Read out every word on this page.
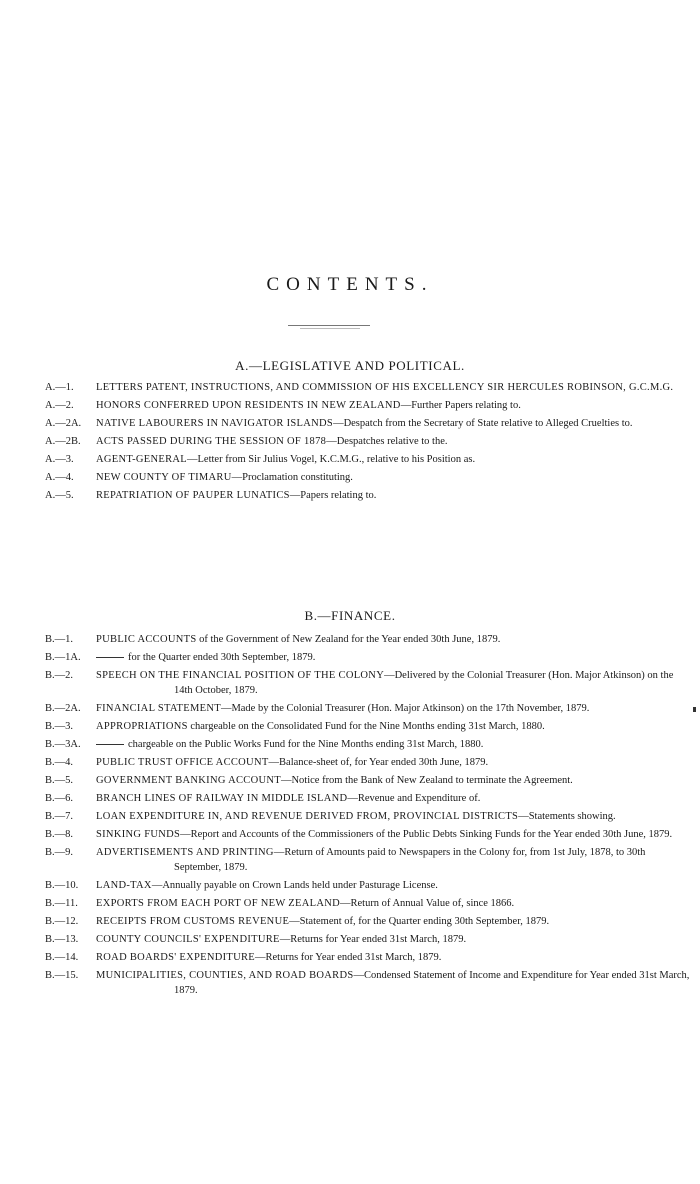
CONTENTS.
A.—LEGISLATIVE AND POLITICAL.
A.—1. LETTERS PATENT, INSTRUCTIONS, AND COMMISSION OF HIS EXCELLENCY SIR HERCULES ROBINSON, G.C.M.G.
A.—2. HONORS CONFERRED UPON RESIDENTS IN NEW ZEALAND—Further Papers relating to.
A.—2A. NATIVE LABOURERS IN NAVIGATOR ISLANDS—Despatch from the Secretary of State relative to Alleged Cruelties to.
A.—2B. ACTS PASSED DURING THE SESSION OF 1878—Despatches relative to the.
A.—3. AGENT-GENERAL—Letter from Sir Julius Vogel, K.C.M.G., relative to his Position as.
A.—4. NEW COUNTY OF TIMARU—Proclamation constituting.
A.—5. REPATRIATION OF PAUPER LUNATICS—Papers relating to.
B.—FINANCE.
B.—1. PUBLIC ACCOUNTS of the Government of New Zealand for the Year ended 30th June, 1879.
B.—1A.	for the Quarter ended 30th September, 1879.
B.—2. SPEECH ON THE FINANCIAL POSITION OF THE COLONY—Delivered by the Colonial Treasurer (Hon. Major Atkinson) on the 14th October, 1879.
B.—2A. FINANCIAL STATEMENT—Made by the Colonial Treasurer (Hon. Major Atkinson) on the 17th November, 1879.
B.—3. APPROPRIATIONS chargeable on the Consolidated Fund for the Nine Months ending 31st March, 1880.
B.—3A.	chargeable on the Public Works Fund for the Nine Months ending 31st March, 1880.
B.—4. PUBLIC TRUST OFFICE ACCOUNT—Balance-sheet of, for Year ended 30th June, 1879.
B.—5. GOVERNMENT BANKING ACCOUNT—Notice from the Bank of New Zealand to terminate the Agreement.
B.—6. BRANCH LINES OF RAILWAY IN MIDDLE ISLAND—Revenue and Expenditure of.
B.—7. LOAN EXPENDITURE IN, AND REVENUE DERIVED FROM, PROVINCIAL DISTRICTS—Statements showing.
B.—8. SINKING FUNDS—Report and Accounts of the Commissioners of the Public Debts Sinking Funds for the Year ended 30th June, 1879.
B.—9. ADVERTISEMENTS AND PRINTING—Return of Amounts paid to Newspapers in the Colony for, from 1st July, 1878, to 30th September, 1879.
B.—10. LAND-TAX—Annually payable on Crown Lands held under Pasturage License.
B.—11. EXPORTS FROM EACH PORT OF NEW ZEALAND—Return of Annual Value of, since 1866.
B.—12. RECEIPTS FROM CUSTOMS REVENUE—Statement of, for the Quarter ending 30th September, 1879.
B.—13. COUNTY COUNCILS' EXPENDITURE—Returns for Year ended 31st March, 1879.
B.—14. ROAD BOARDS' EXPENDITURE—Returns for Year ended 31st March, 1879.
B.—15. MUNICIPALITIES, COUNTIES, AND ROAD BOARDS—Condensed Statement of Income and Expenditure for Year ended 31st March, 1879.
